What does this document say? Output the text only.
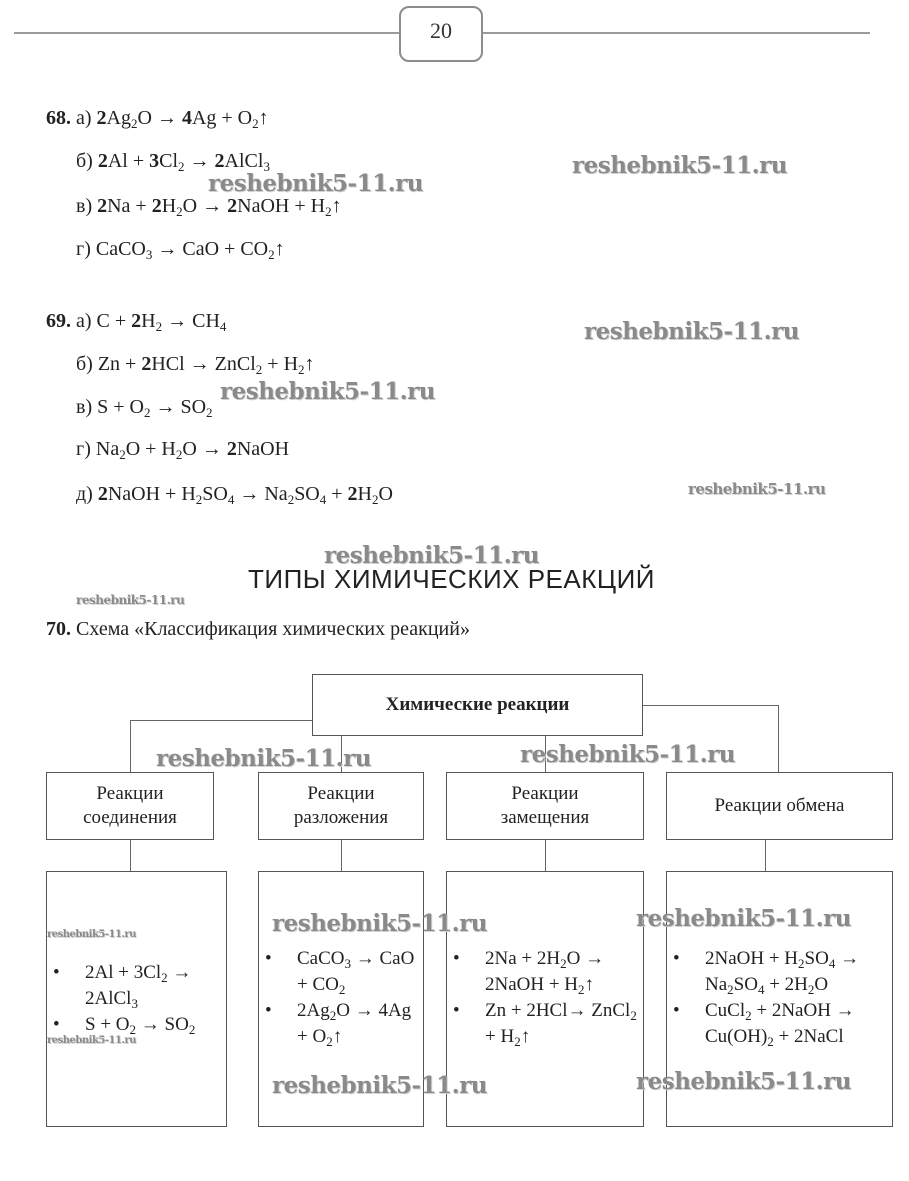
20
68. а) $2Ag_2O \to 4Ag$ + $O_2↑$
б) $2Al + 3Cl_2$ → 2AlCl$_3$
в) $2Na + 2H_2O$ → 2NaOH + $H_2↑$
г) CaCO$_3$ → CaO + $CO_2↑$
69. а) $C + 2H_2 \to CH_4$
б) Zn + 2HCl → ZnCl$_2$ + $H_2↑$
в) $S + O_2 \to SO_2$
г) $Na_2O + H_2O$ → 2NaOH
д) 2NaOH + $H_2SO_4 \to Na_2SO_4 + 2H_2O$
ТИПЫ ХИМИЧЕСКИХ РЕАКЦИЙ
70. Схема «Классификация химических реакций»
Химические реакции
Реакции
соединения
Реакции
разложения
Реакции
замещения
Реакции обмена
• $2Al + 3Cl_2$ → 2AlCl$_3$
• $S + O_2 \to SO_2$
• CaCO$_3$ → CaO + $CO_2$
• $2Ag_2O \to 4Ag$ + $O_2↑$
• $2Na + 2H_2O$ → 2NaOH + $H_2↑$
• Zn + 2HCl→ ZnCl$_2$ + $H_2↑$
• 2NaOH + $H_2SO_4 \to Na_2SO_4 + 2H_2O$
• CuCl$_2$ + 2NaOH → $Cu(OH)_2$ + 2NaCl
reshebnik5-11.ru
reshebnik5-11.ru
reshebnik5-11.ru
reshebnik5-11.ru
reshebnik5-11.ru
reshebnik5-11.ru
reshebnik5-11.ru
reshebnik5-11.ru	reshebnik5-11.ru
reshebnik5-11.ru	reshebnik5-11.ru
reshebnik5-11.ru
reshebnik5-11.ru
reshebnik5-11.ru	reshebnik5-11.ru
